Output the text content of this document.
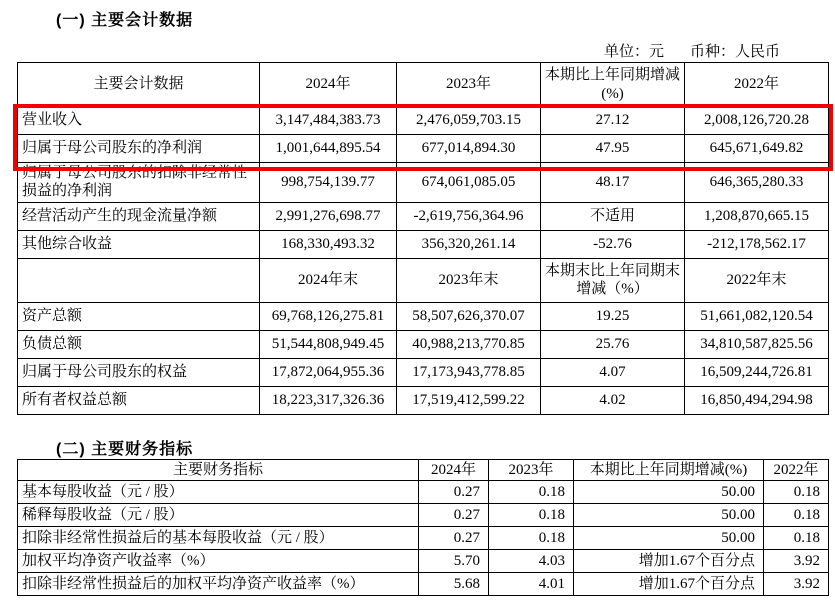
(一) 主要会计数据
单位：元 币种：人民币
主要会计数据	2024年	2023年	本期比上年同期增减(%)	2022年
营业收入	3,147,484,383.73	2,476,059,703.15	27.12	2,008,126,720.28
归属于母公司股东的净利润	1,001,644,895.54	677,014,894.30	47.95	645,671,649.82
归属于母公司股东的扣除非经常性损益的净利润	998,754,139.77	674,061,085.05	48.17	646,365,280.33
经营活动产生的现金流量净额	2,991,276,698.77	-2,619,756,364.96	不适用	1,208,870,665.15
其他综合收益	168,330,493.32	356,320,261.14	-52.76	-212,178,562.17
	2024年末	2023年末	本期末比上年同期末增减（%）	2022年末
资产总额	69,768,126,275.81	58,507,626,370.07	19.25	51,661,082,120.54
负债总额	51,544,808,949.45	40,988,213,770.85	25.76	34,810,587,825.56
归属于母公司股东的权益	17,872,064,955.36	17,173,943,778.85	4.07	16,509,244,726.81
所有者权益总额	18,223,317,326.36	17,519,412,599.22	4.02	16,850,494,294.98
(二) 主要财务指标
主要财务指标	2024年	2023年	本期比上年同期增减(%)	2022年
基本每股收益（元 / 股）	0.27	0.18	50.00	0.18
稀释每股收益（元 / 股）	0.27	0.18	50.00	0.18
扣除非经常性损益后的基本每股收益（元 / 股）	0.27	0.18	50.00	0.18
加权平均净资产收益率（%）	5.70	4.03	增加1.67个百分点	3.92
扣除非经常性损益后的加权平均净资产收益率（%）	5.68	4.01	增加1.67个百分点	3.92
